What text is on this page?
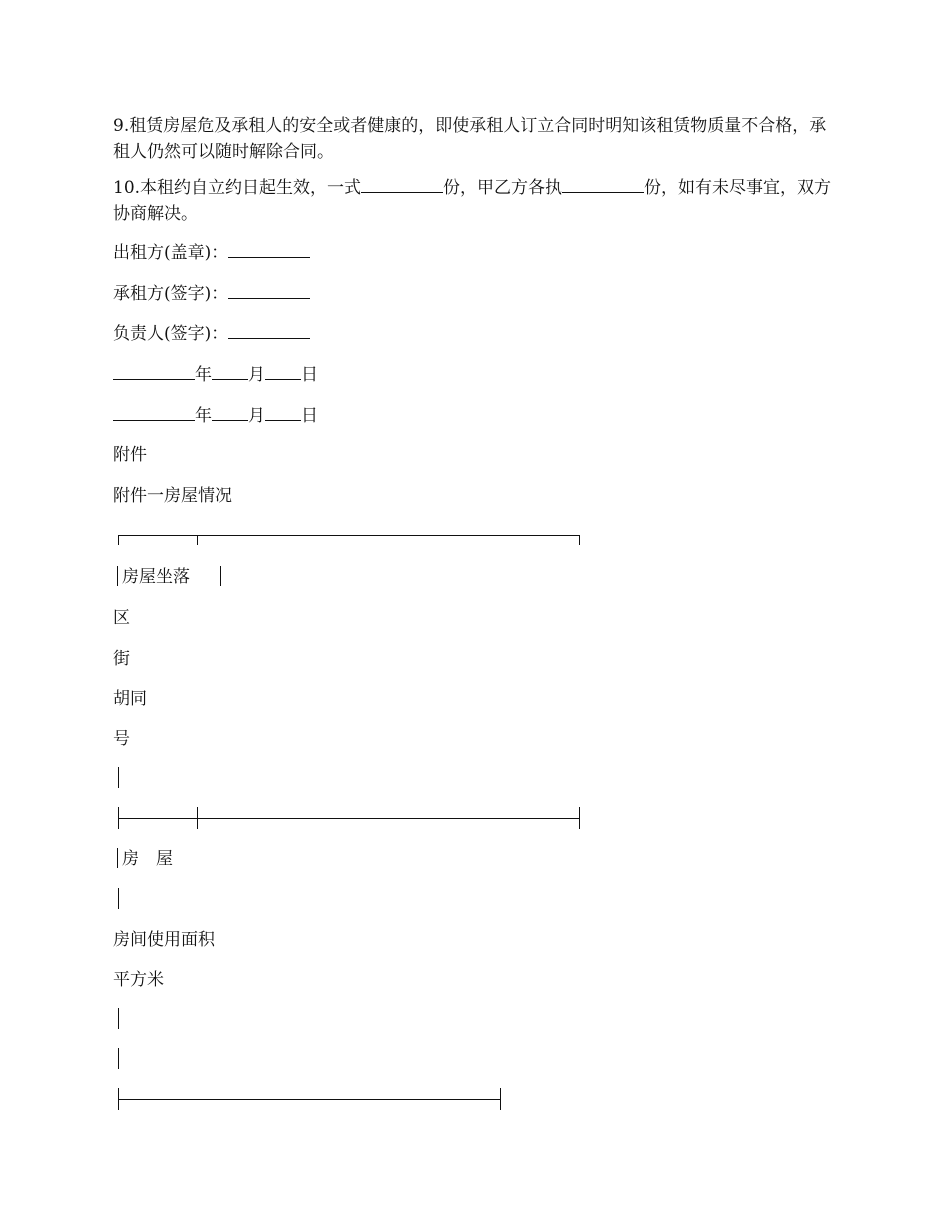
9.租赁房屋危及承租人的安全或者健康的，即使承租人订立合同时明知该租赁物质量不合格，承租人仍然可以随时解除合同。
10.本租约自立约日起生效，一式	份，甲乙方各执	份，如有未尽事宜，双方协商解决。
出租方(盖章)：
承租方(签字)：
负责人(签字)：
年 月 日
年 月 日
附件
附件一房屋情况
房屋坐落
区
街
胡同
号
房　屋
房间使用面积
平方米
